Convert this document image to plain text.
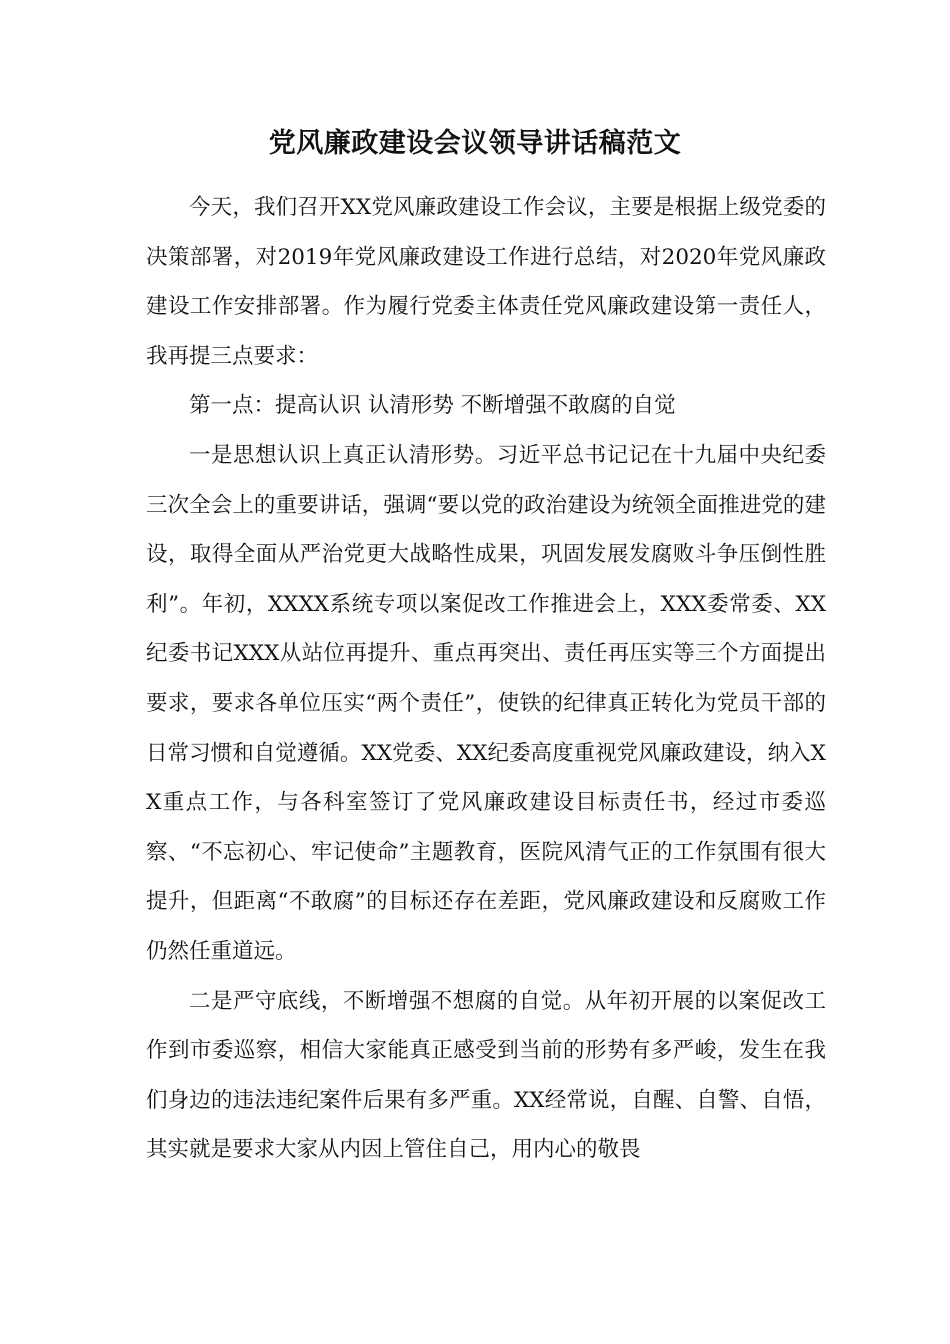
党风廉政建设会议领导讲话稿范文

今天，我们召开XX党风廉政建设工作会议，主要是根据上级党委的决策部署，对2019年党风廉政建设工作进行总结，对2020年党风廉政建设工作安排部署。作为履行党委主体责任党风廉政建设第一责任人，我再提三点要求：

第一点：提高认识 认清形势 不断增强不敢腐的自觉

一是思想认识上真正认清形势。习近平总书记记在十九届中央纪委三次全会上的重要讲话，强调“要以党的政治建设为统领全面推进党的建设，取得全面从严治党更大战略性成果，巩固发展发腐败斗争压倒性胜利”。年初，XXXX系统专项以案促改工作推进会上，XXX委常委、XX纪委书记XXX从站位再提升、重点再突出、责任再压实等三个方面提出要求，要求各单位压实“两个责任”，使铁的纪律真正转化为党员干部的日常习惯和自觉遵循。XX党委、XX纪委高度重视党风廉政建设，纳入XX重点工作，与各科室签订了党风廉政建设目标责任书，经过市委巡察、“不忘初心、牢记使命”主题教育，医院风清气正的工作氛围有很大提升，但距离“不敢腐”的目标还存在差距，党风廉政建设和反腐败工作仍然任重道远。

二是严守底线，不断增强不想腐的自觉。从年初开展的以案促改工作到市委巡察，相信大家能真正感受到当前的形势有多严峻，发生在我们身边的违法违纪案件后果有多严重。XX经常说，自醒、自警、自悟，其实就是要求大家从内因上管住自己，用内心的敬畏
